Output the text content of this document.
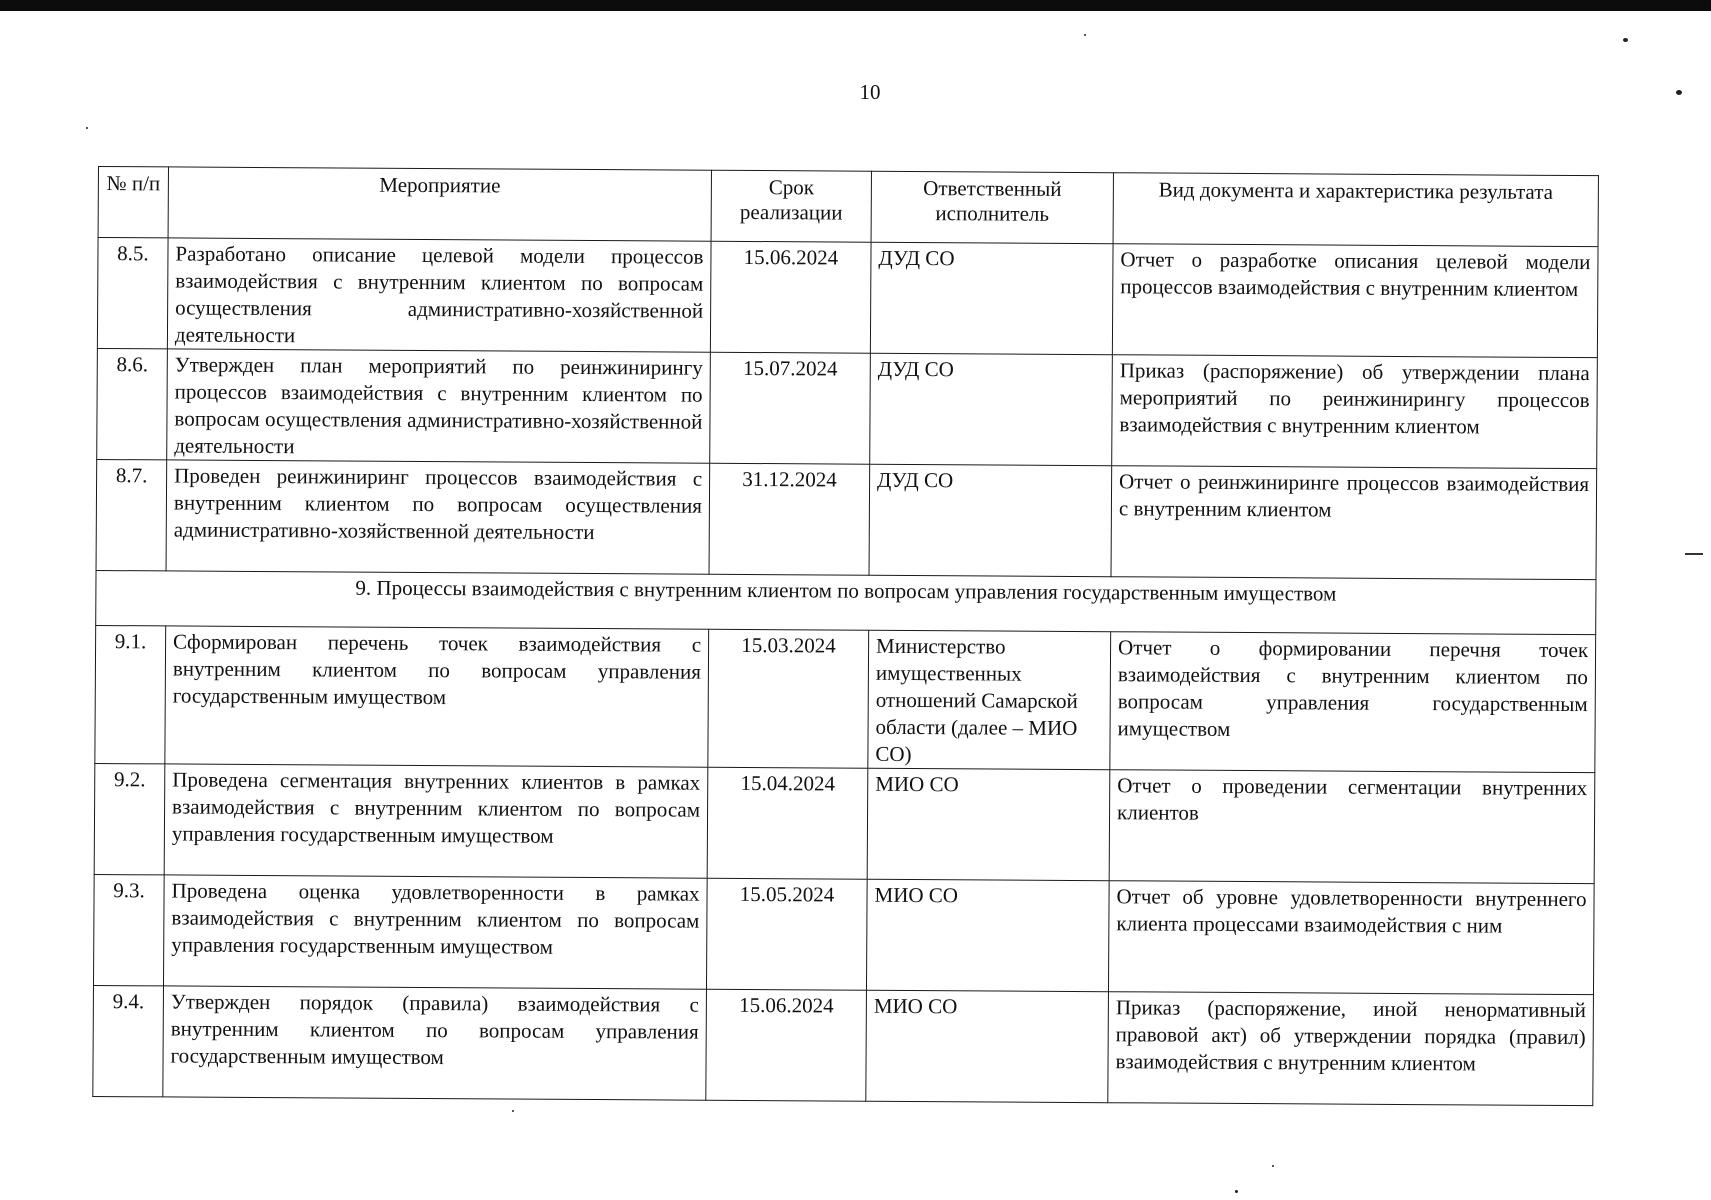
10
№ п/п	Мероприятие	Срок реализации	Ответственный исполнитель	Вид документа и характеристика результата
8.5.	Разработано описание целевой модели процессов взаимодействия с внутренним клиентом по вопросам осуществления административно-хозяйственной деятельности	15.06.2024	ДУД СО	Отчет о разработке описания целевой модели процессов взаимодействия с внутренним клиентом
8.6.	Утвержден план мероприятий по реинжинирингу процессов взаимодействия с внутренним клиентом по вопросам осуществления административно-хозяйственной деятельности	15.07.2024	ДУД СО	Приказ (распоряжение) об утверждении плана мероприятий по реинжинирингу процессов взаимодействия с внутренним клиентом
8.7.	Проведен реинжиниринг процессов взаимодействия с внутренним клиентом по вопросам осуществления административно-хозяйственной деятельности	31.12.2024	ДУД СО	Отчет о реинжиниринге процессов взаимодействия с внутренним клиентом
9. Процессы взаимодействия с внутренним клиентом по вопросам управления государственным имуществом				
9.1.	Сформирован перечень точек взаимодействия с внутренним клиентом по вопросам управления государственным имуществом	15.03.2024	Министерство имущественных отношений Самарской области (далее – МИО СО)	Отчет о формировании перечня точек взаимодействия с внутренним клиентом по вопросам управления государственным имуществом
9.2.	Проведена сегментация внутренних клиентов в рамках взаимодействия с внутренним клиентом по вопросам управления государственным имуществом	15.04.2024	МИО СО	Отчет о проведении сегментации внутренних клиентов
9.3.	Проведена оценка удовлетворенности в рамках взаимодействия с внутренним клиентом по вопросам управления государственным имуществом	15.05.2024	МИО СО	Отчет об уровне удовлетворенности внутреннего клиента процессами взаимодействия с ним
9.4.	Утвержден порядок (правила) взаимодействия с внутренним клиентом по вопросам управления государственным имуществом	15.06.2024	МИО СО	Приказ (распоряжение, иной ненормативный правовой акт) об утверждении порядка (правил) взаимодействия с внутренним клиентом
